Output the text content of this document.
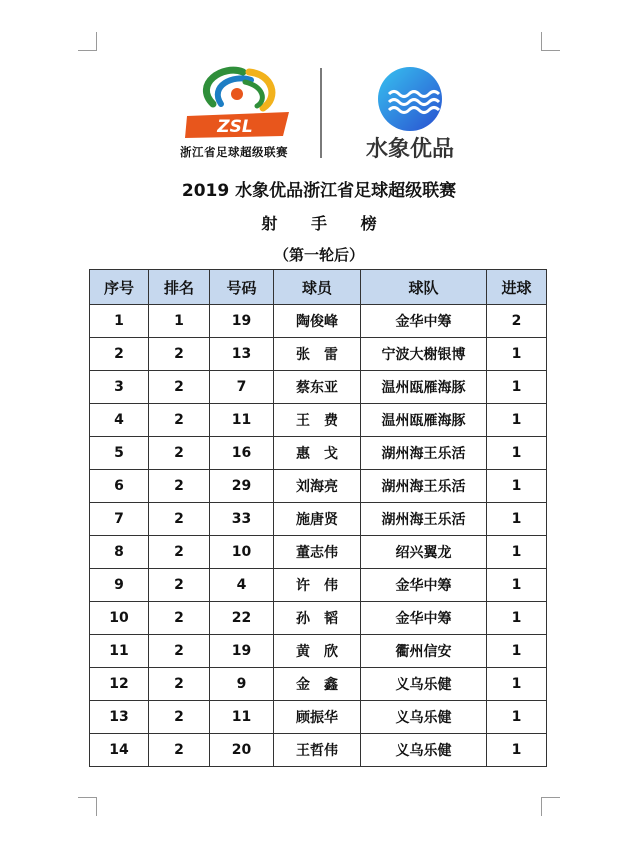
ZSL
浙江省足球超级联赛	水象优品
2019 水象优品浙江省足球超级联赛
射 手 榜
（第一轮后）
序号	排名	号码	球员	球队	进球
1	1	19	陶俊峰	金华中筹	2
2	2	13	张　雷	宁波大榭银博	1
3	2	7	蔡东亚	温州瓯雁海豚	1
4	2	11	王　费	温州瓯雁海豚	1
5	2	16	惠　戈	湖州海王乐活	1
6	2	29	刘海亮	湖州海王乐活	1
7	2	33	施唐贤	湖州海王乐活	1
8	2	10	董志伟	绍兴翼龙	1
9	2	4	许　伟	金华中筹	1
10	2	22	孙　韬	金华中筹	1
11	2	19	黄　欣	衢州信安	1
12	2	9	金　鑫	义乌乐健	1
13	2	11	顾振华	义乌乐健	1
14	2	20	王哲伟	义乌乐健	1
